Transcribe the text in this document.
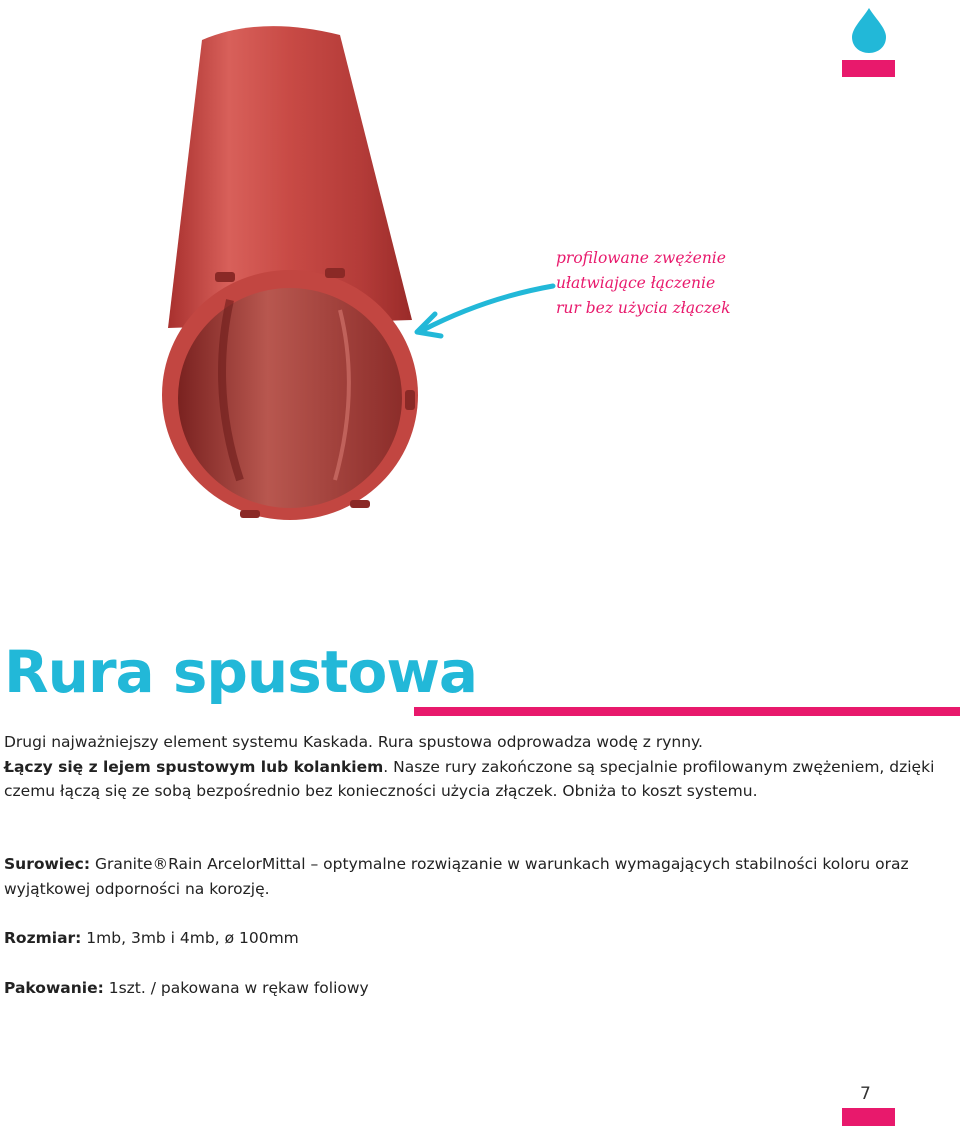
profilowane zwężenie
ułatwiające łączenie
rur bez użycia złączek
Rura spustowa
Drugi najważniejszy element systemu Kaskada. Rura spustowa odprowadza wodę z rynny.
Łączy się z lejem spustowym lub kolankiem. Nasze rury zakończone są specjalnie profilowanym zwężeniem, dzięki czemu łączą się ze sobą bezpośrednio bez konieczności użycia złączek. Obniża to koszt systemu.
Surowiec: Granite®Rain ArcelorMittal – optymalne rozwiązanie w warunkach wymagających stabilności koloru oraz wyjątkowej odporności na korozję.
Rozmiar: 1mb, 3mb i 4mb, ø 100mm
Pakowanie: 1szt. / pakowana w rękaw foliowy
7
